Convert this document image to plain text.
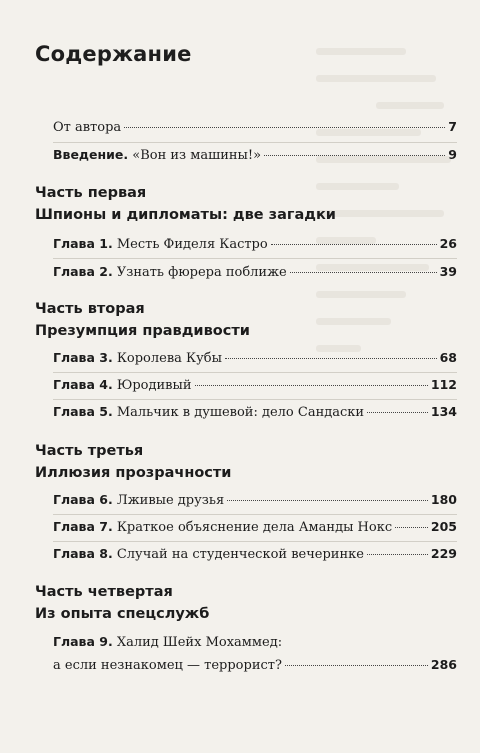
Содержание
От автора	7
Введение. «Вон из машины!»	9
Часть первая
Шпионы и дипломаты: две загадки
Глава 1. Месть Фиделя Кастро	26
Глава 2. Узнать фюрера поближе	39
Часть вторая
Презумпция правдивости
Глава 3. Королева Кубы	68
Глава 4. Юродивый	112
Глава 5. Мальчик в душевой: дело Сандаски	134
Часть третья
Иллюзия прозрачности
Глава 6. Лживые друзья	180
Глава 7. Краткое объяснение дела Аманды Нокс	205
Глава 8. Случай на студенческой вечеринке	229
Часть четвертая
Из опыта спецслужб
Глава 9. Халид Шейх Мохаммед:
а если незнакомец — террорист?	286
